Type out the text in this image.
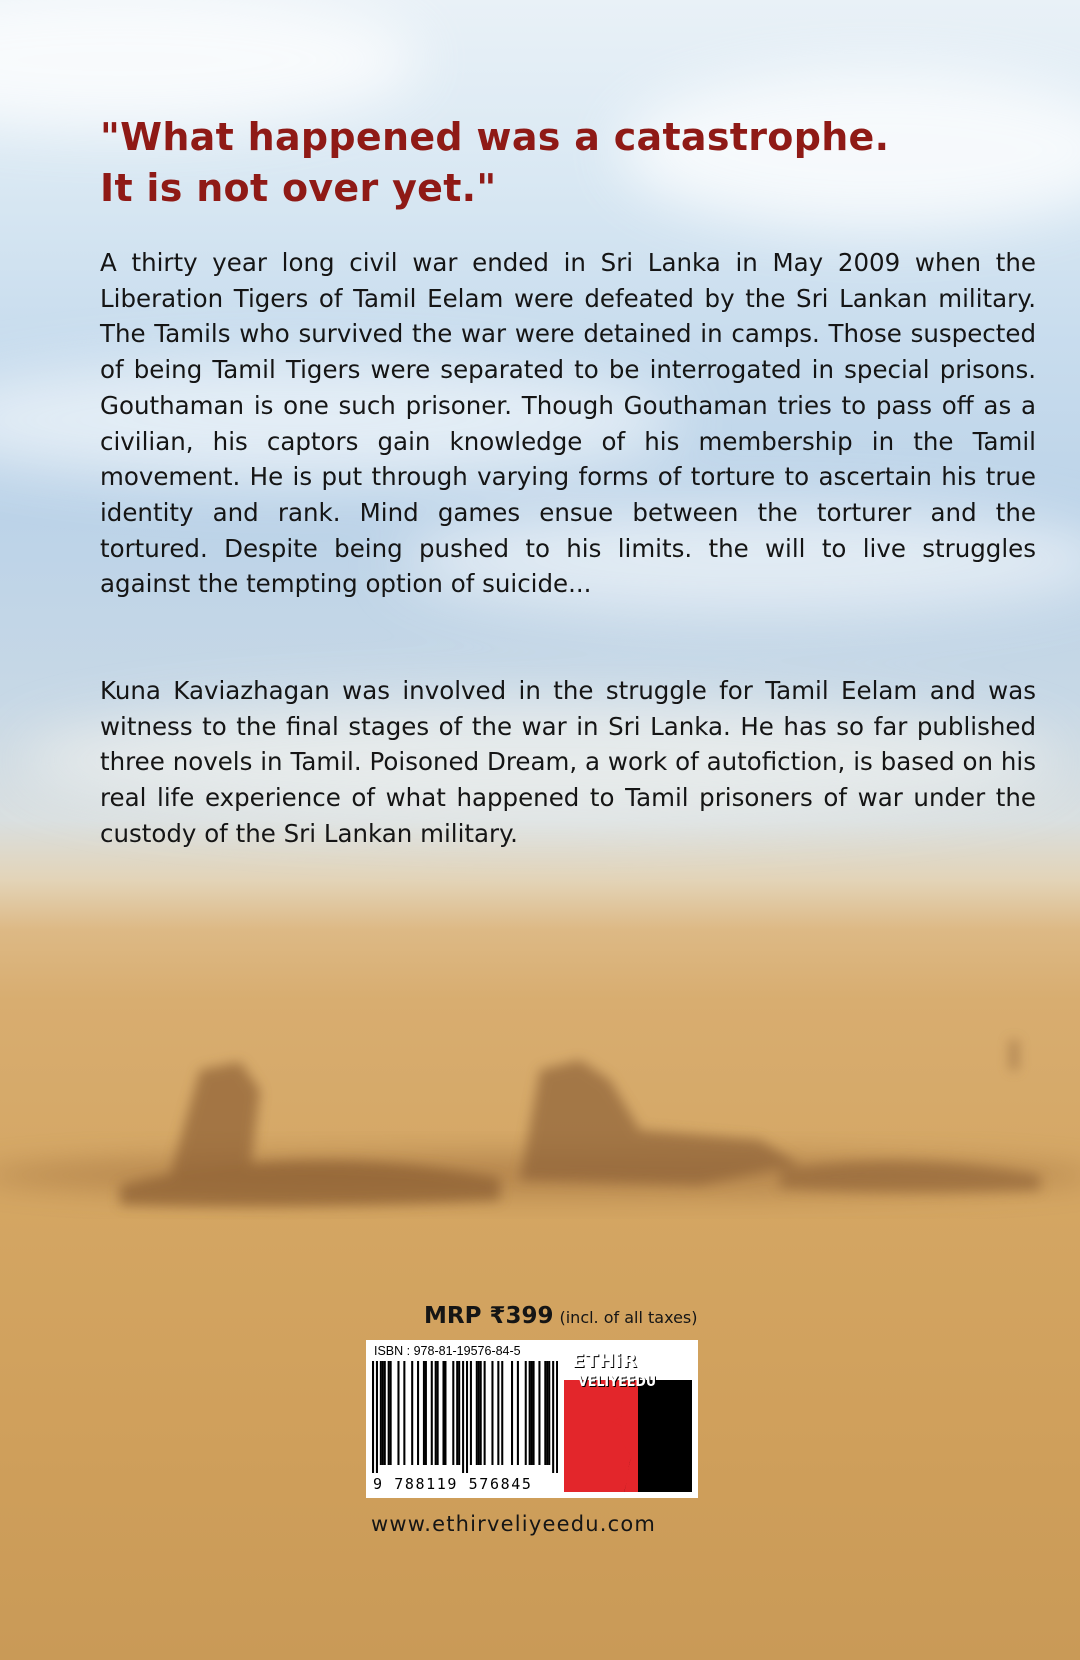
"What happened was a catastrophe.
It is not over yet."

A thirty year long civil war ended in Sri Lanka in May 2009 when the Liberation Tigers of Tamil Eelam were defeated by the Sri Lankan military. The Tamils who survived the war were detained in camps. Those suspected of being Tamil Tigers were separated to be interrogated in special prisons. Gouthaman is one such prisoner. Though Gouthaman tries to pass off as a civilian, his captors gain knowledge of his membership in the Tamil movement. He is put through varying forms of torture to ascertain his true identity and rank. Mind games ensue between the torturer and the tortured. Despite being pushed to his limits. the will to live struggles against the tempting option of suicide...

Kuna Kaviazhagan was involved in the struggle for Tamil Eelam and was witness to the final stages of the war in Sri Lanka. He has so far published three novels in Tamil. Poisoned Dream, a work of autofiction, is based on his real life experience of what happened to Tamil prisoners of war under the custody of the Sri Lankan military.

MRP ₹399 (incl. of all taxes)
ISBN : 978-81-19576-84-5
9 788119 576845
ETHiR
VELIYEEDU
www.ethirveliyeedu.com
